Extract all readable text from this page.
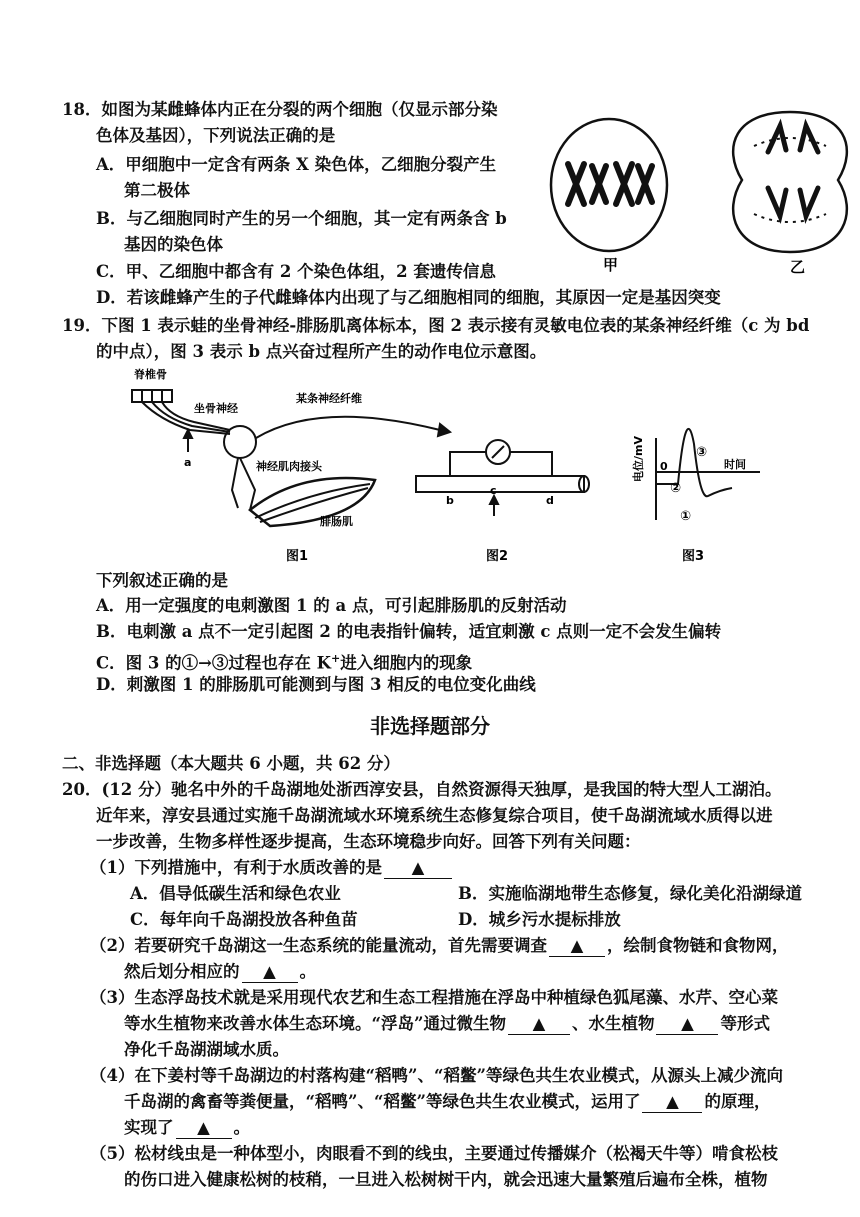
18．如图为某雌蜂体内正在分裂的两个细胞（仅显示部分染
色体及基因），下列说法正确的是
A．甲细胞中一定含有两条 X 染色体，乙细胞分裂产生
第二极体
B．与乙细胞同时产生的另一个细胞，其一定有两条含 b
基因的染色体
C．甲、乙细胞中都含有 2 个染色体组，2 套遗传信息
D．若该雌蜂产生的子代雌蜂体内出现了与乙细胞相同的细胞，其原因一定是基因突变
甲	乙
19．下图 1 表示蛙的坐骨神经-腓肠肌离体标本，图 2 表示接有灵敏电位表的某条神经纤维（c 为 bd
的中点），图 3 表示 b 点兴奋过程所产生的动作电位示意图。
脊椎骨
坐骨神经
a	神经肌肉接头
腓肠肌
图1
某条神经纤维
b
c
d
图2
电位/mV 0	时间
①
②
③
图3
下列叙述正确的是
A．用一定强度的电刺激图 1 的 a 点，可引起腓肠肌的反射活动
B．电刺激 a 点不一定引起图 2 的电表指针偏转，适宜刺激 c 点则一定不会发生偏转
C．图 3 的①→③过程也存在 K+进入细胞内的现象
D．刺激图 1 的腓肠肌可能测到与图 3 相反的电位变化曲线
非选择题部分
二、非选择题（本大题共 6 小题，共 62 分）
20．(12 分）驰名中外的千岛湖地处浙西淳安县，自然资源得天独厚，是我国的特大型人工湖泊。
近年来，淳安县通过实施千岛湖流域水环境系统生态修复综合项目，使千岛湖流域水质得以进
一步改善，生物多样性逐步提高，生态环境稳步向好。回答下列有关问题：
（1）下列措施中，有利于水质改善的是 ▲
A．倡导低碳生活和绿色农业	B．实施临湖地带生态修复，绿化美化沿湖绿道
C．每年向千岛湖投放各种鱼苗	D．城乡污水提标排放
（2）若要研究千岛湖这一生态系统的能量流动，首先需要调查 ▲ ，绘制食物链和食物网，
然后划分相应的 ▲ 。
（3）生态浮岛技术就是采用现代农艺和生态工程措施在浮岛中种植绿色狐尾藻、水芹、空心菜
等水生植物来改善水体生态环境。“浮岛”通过微生物 ▲ 、水生植物 ▲ 等形式
净化千岛湖湖域水质。
（4）在下姜村等千岛湖边的村落构建“稻鸭”、“稻鳖”等绿色共生农业模式，从源头上减少流向
千岛湖的禽畜等粪便量，“稻鸭”、“稻鳖”等绿色共生农业模式，运用了 ▲ 的原理，
实现了 ▲ 。
（5）松材线虫是一种体型小，肉眼看不到的线虫，主要通过传播媒介（松褐天牛等）啃食松枝
的伤口进入健康松树的枝稍，一旦进入松树树干内，就会迅速大量繁殖后遍布全株，植物
